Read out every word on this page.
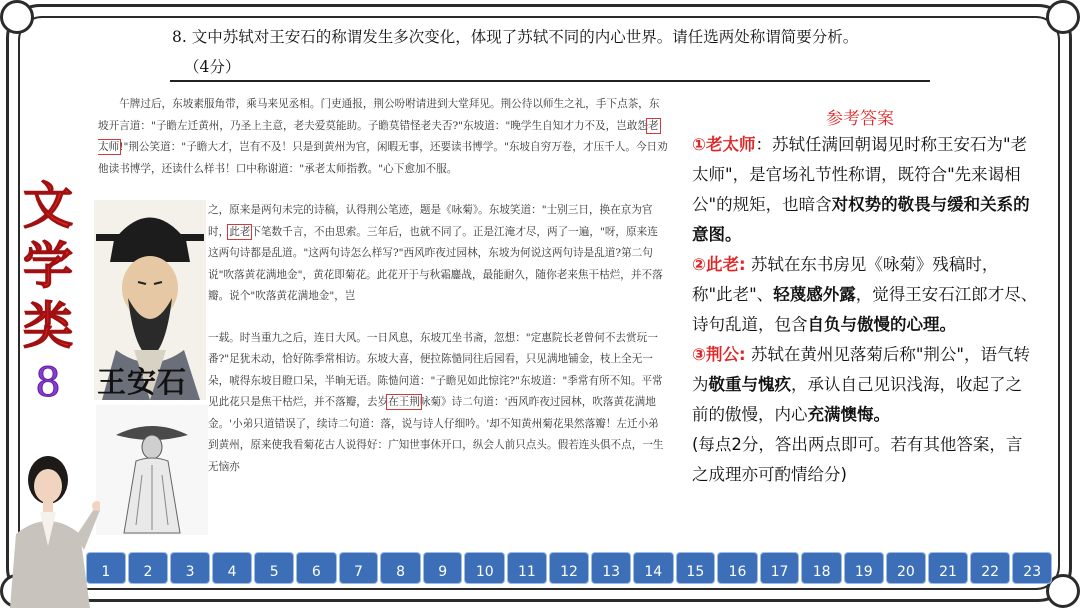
8. 文中苏轼对王安石的称谓发生多次变化，体现了苏轼不同的内心世界。请任选两处称谓简要分析。
（4分）

午牌过后，东坡素服角带，乘马来见丞相。门吏通报，荆公吩咐请进到大堂拜见。荆公待以师生之礼，手下点茶，东坡开言道："子瞻左迁黄州，乃圣上主意，老夫爱莫能助。子瞻莫错怪老夫否?"东坡道："晚学生自知才力不及，岂敢怨老太师!"荆公笑道："子瞻大才，岂有不及！只是到黄州为官，闲暇无事，还要读书博学。"东坡自穷万卷，才压千人。今日劝他读书博学，还读什么样书！口中称谢道："承老太师指教。"心下愈加不服。

之，原来是两句未完的诗稿，认得荆公笔迹，题是《咏菊》。东坡笑道："士别三日，换在京为官时，此老下笔数千言，不由思索。三年后，也就不同了。正是江淹才尽，两了一遍，"呀，原来连这两句诗都是乱道。"这两句诗怎么样写?"西风昨夜过园林，东坡为何说这两句诗是乱道?第二句说"吹落黄花满地金"，黄花即菊花。此花开于与秋霜鏖战，最能耐久，随你老来焦干枯烂，并不落瓣。说个"吹落黄花满地金"，岂

一载。时当重九之后，连日大风。一日风息，东坡兀坐书斋，忽想："定惠院长老曾何不去赏玩一番?"足犹未动，恰好陈季常相访。东坡大喜，便拉陈慥同往后园看，只见满地铺金，枝上全无一朵，唬得东坡目瞪口呆，半晌无语。陈慥问道："子瞻见如此惊诧?"东坡道："季常有所不知。平常见此花只是焦干枯烂，并不落瓣，去岁在王荆咏菊》诗二句道：'西风昨夜过园林，吹落黄花满地金。'小弟只道错误了，续诗二句道：落，说与诗人仔细吟。'却不知黄州菊花果然落瓣！左迁小弟到黄州，原来使我看菊花古人说得好：广知世事休开口，纵会人前只点头。假若连头俱不点，一生无恼亦

王安石
文学类
8
参考答案

①老太师：苏轼任满回朝谒见时称王安石为"老太师"，是官场礼节性称谓，既符合"先来谒相公"的规矩，也暗含对权势的敬畏与缓和关系的意图。

②此老: 苏轼在东书房见《咏菊》残稿时，称"此老"、轻蔑感外露，觉得王安石江郎才尽、诗句乱道，包含自负与傲慢的心理。

③荆公: 苏轼在黄州见落菊后称"荆公"，语气转为敬重与愧疚，承认自己见识浅海，收起了之前的傲慢，内心充满懊悔。

(每点2分，答出两点即可。若有其他答案，言之成理亦可酌情给分)

1	2	3	4	5	6	7	8	9	10	11	12	13	14	15	16	17	18	19	20	21	22	23
